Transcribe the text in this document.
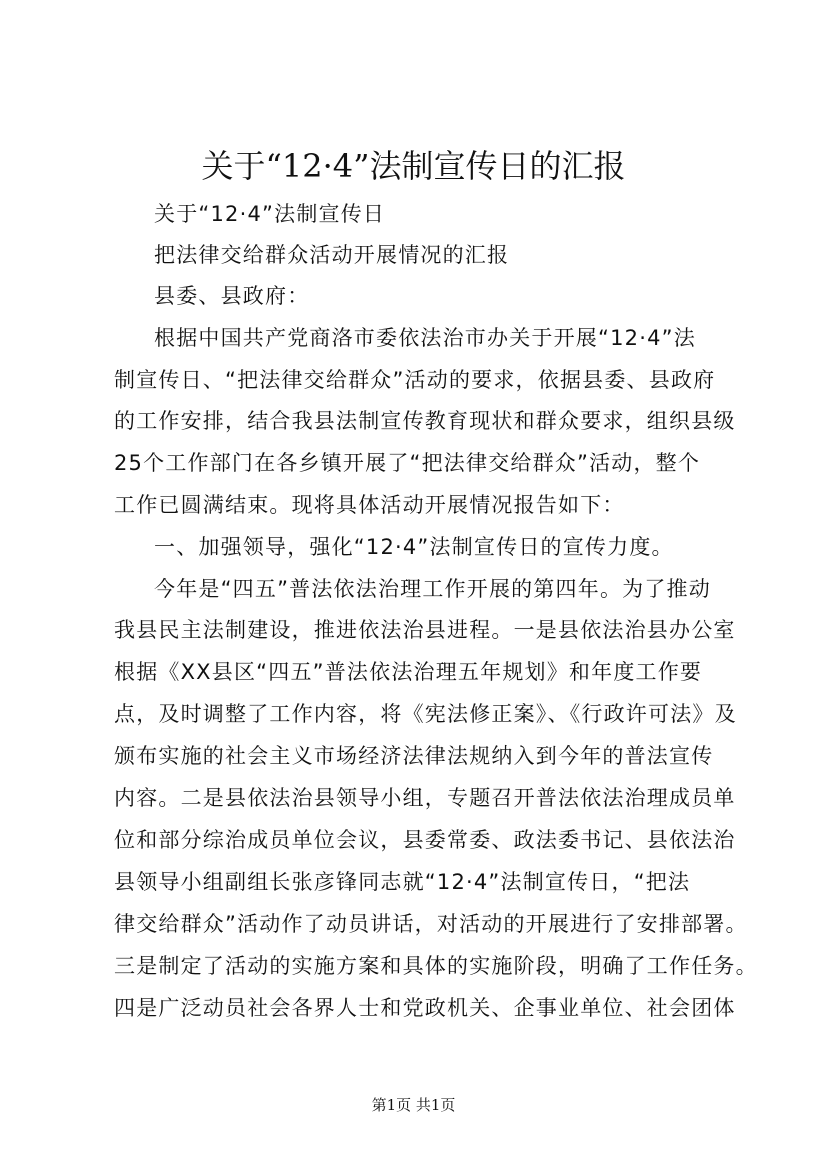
关于“12·4”法制宣传日的汇报
关于“12·4”法制宣传日
把法律交给群众活动开展情况的汇报
县委、县政府：
根据中国共产党商洛市委依法治市办关于开展“12·4”法
制宣传日、“把法律交给群众”活动的要求，依据县委、县政府
的工作安排，结合我县法制宣传教育现状和群众要求，组织县级
25个工作部门在各乡镇开展了“把法律交给群众”活动，整个
工作已圆满结束。现将具体活动开展情况报告如下：
一、加强领导，强化“12·4”法制宣传日的宣传力度。
今年是“四五”普法依法治理工作开展的第四年。为了推动
我县民主法制建设，推进依法治县进程。一是县依法治县办公室
根据《XX县区“四五”普法依法治理五年规划》和年度工作要
点，及时调整了工作内容，将《宪法修正案》、《行政许可法》及
颁布实施的社会主义市场经济法律法规纳入到今年的普法宣传
内容。二是县依法治县领导小组，专题召开普法依法治理成员单
位和部分综治成员单位会议，县委常委、政法委书记、县依法治
县领导小组副组长张彦锋同志就“12·4”法制宣传日，“把法
律交给群众”活动作了动员讲话，对活动的开展进行了安排部署。
三是制定了活动的实施方案和具体的实施阶段，明确了工作任务。
四是广泛动员社会各界人士和党政机关、企事业单位、社会团体
第1页 共1页
